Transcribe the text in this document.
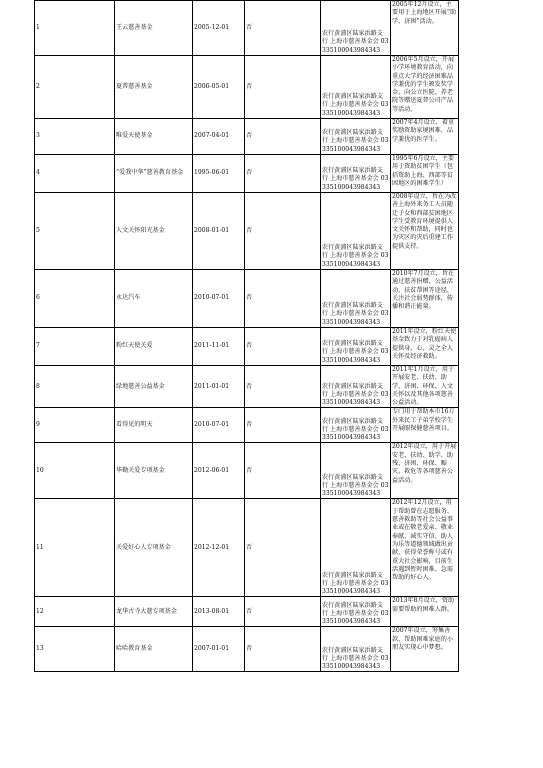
1	王云慈善基金	2005-12-01	否	农行黄浦区陆家浜路支行 上海市慈善基金会 03335100043984343	2005年12月设立，主要用于上海地区开展“助学、济困”活动。
2	夏普慈善基金	2006-05-01	否	农行黄浦区陆家浜路支行 上海市慈善基金会 03335100043984343	2006年5月设立，开展小学环境教育活动，向重点大学的经济困难品学兼优的学生颁发奖学金，向公立医院、养老院等赠送夏普公司产品等活动。
3	唯爱天使基金	2007-04-01	否	农行黄浦区陆家浜路支行 上海市慈善基金会 03335100043984343	2007年4月设立，着重奖励资助家境困难、品学兼优的医学生。
4	“爱我中华”慈善教育基金	1995-06-01	否	农行黄浦区陆家浜路支行 上海市慈善基金会 03335100043984343	1995年6月设立，主要用于资助贫困学生（包括资助上海、西部等贫困地区的困难学生）
5	人文关怀阳光基金	2008-01-01	否	农行黄浦区陆家浜路支行 上海市慈善基金会 03335100043984343	2008年设立，旨在为改善上海外来务工人员随迁子女和西部贫困地区学生受教育环境提供人文关怀和帮助，同时也为灾区的灾后重建工作提供支持。
6	永达汽车	2010-07-01	否	农行黄浦区陆家浜路支行 上海市慈善基金会 03335100043984343	2010年7月设立，旨在通过慈善捐赠、公益活动、扶贫帮困等途径，关注社会弱势群体，传播和谐正能量。
7	粉红天使关爱	2011-11-01	否	农行黄浦区陆家浜路支行 上海市慈善基金会 03335100043984343	2011年设立，粉红天使基金致力于对乳癌病人提供身、心、灵之全人关怀及经济救助。
8	绿地慈善公益基金	2011-01-01	否	农行黄浦区陆家浜路支行 上海市慈善基金会 03335100043984343	2011年1月设立，用于开展安老、扶幼、助学、济困、环保、人文关怀以及其他各项慈善公益活动。
9	看得见的明天	2010-07-01	否	农行黄浦区陆家浜路支行 上海市慈善基金会 03335100043984343	专门用于帮助本市16万外来民工子弟学校学生开展眼保健慈善项目。
10	华勤关爱专项基金	2012-06-01	否	农行黄浦区陆家浜路支行 上海市慈善基金会 03335100043984343	2012年设立，用于开展安老、扶幼、助学、助残、济困、环保、赈灾、救危等各项慈善公益活动。
11	关爱好心人专项基金	2012-12-01	否	农行黄浦区陆家浜路支行 上海市慈善基金会 03335100043984343	2012年12月设立，用于帮助曾在志愿服务、慈善救助等社会公益事业或在敬老爱亲、敬业奉献、诚实守信、助人为乐等道德领域做出贡献，获得荣誉称号或有重大社会影响，目前生活遇到暂时困难、急需帮助的好心人。
12	龙华古寺大慈专项基金	2013-08-01	否	农行黄浦区陆家浜路支行 上海市慈善基金会 03335100043984343	2013年8月设立，资助需要帮助的困难人群。
13	哈哈教育基金	2007-01-01	否	农行黄浦区陆家浜路支行 上海市慈善基金会 03335100043984343	2007年设立，筹集善款，帮助困难家庭的小朋友实现心中梦想。
